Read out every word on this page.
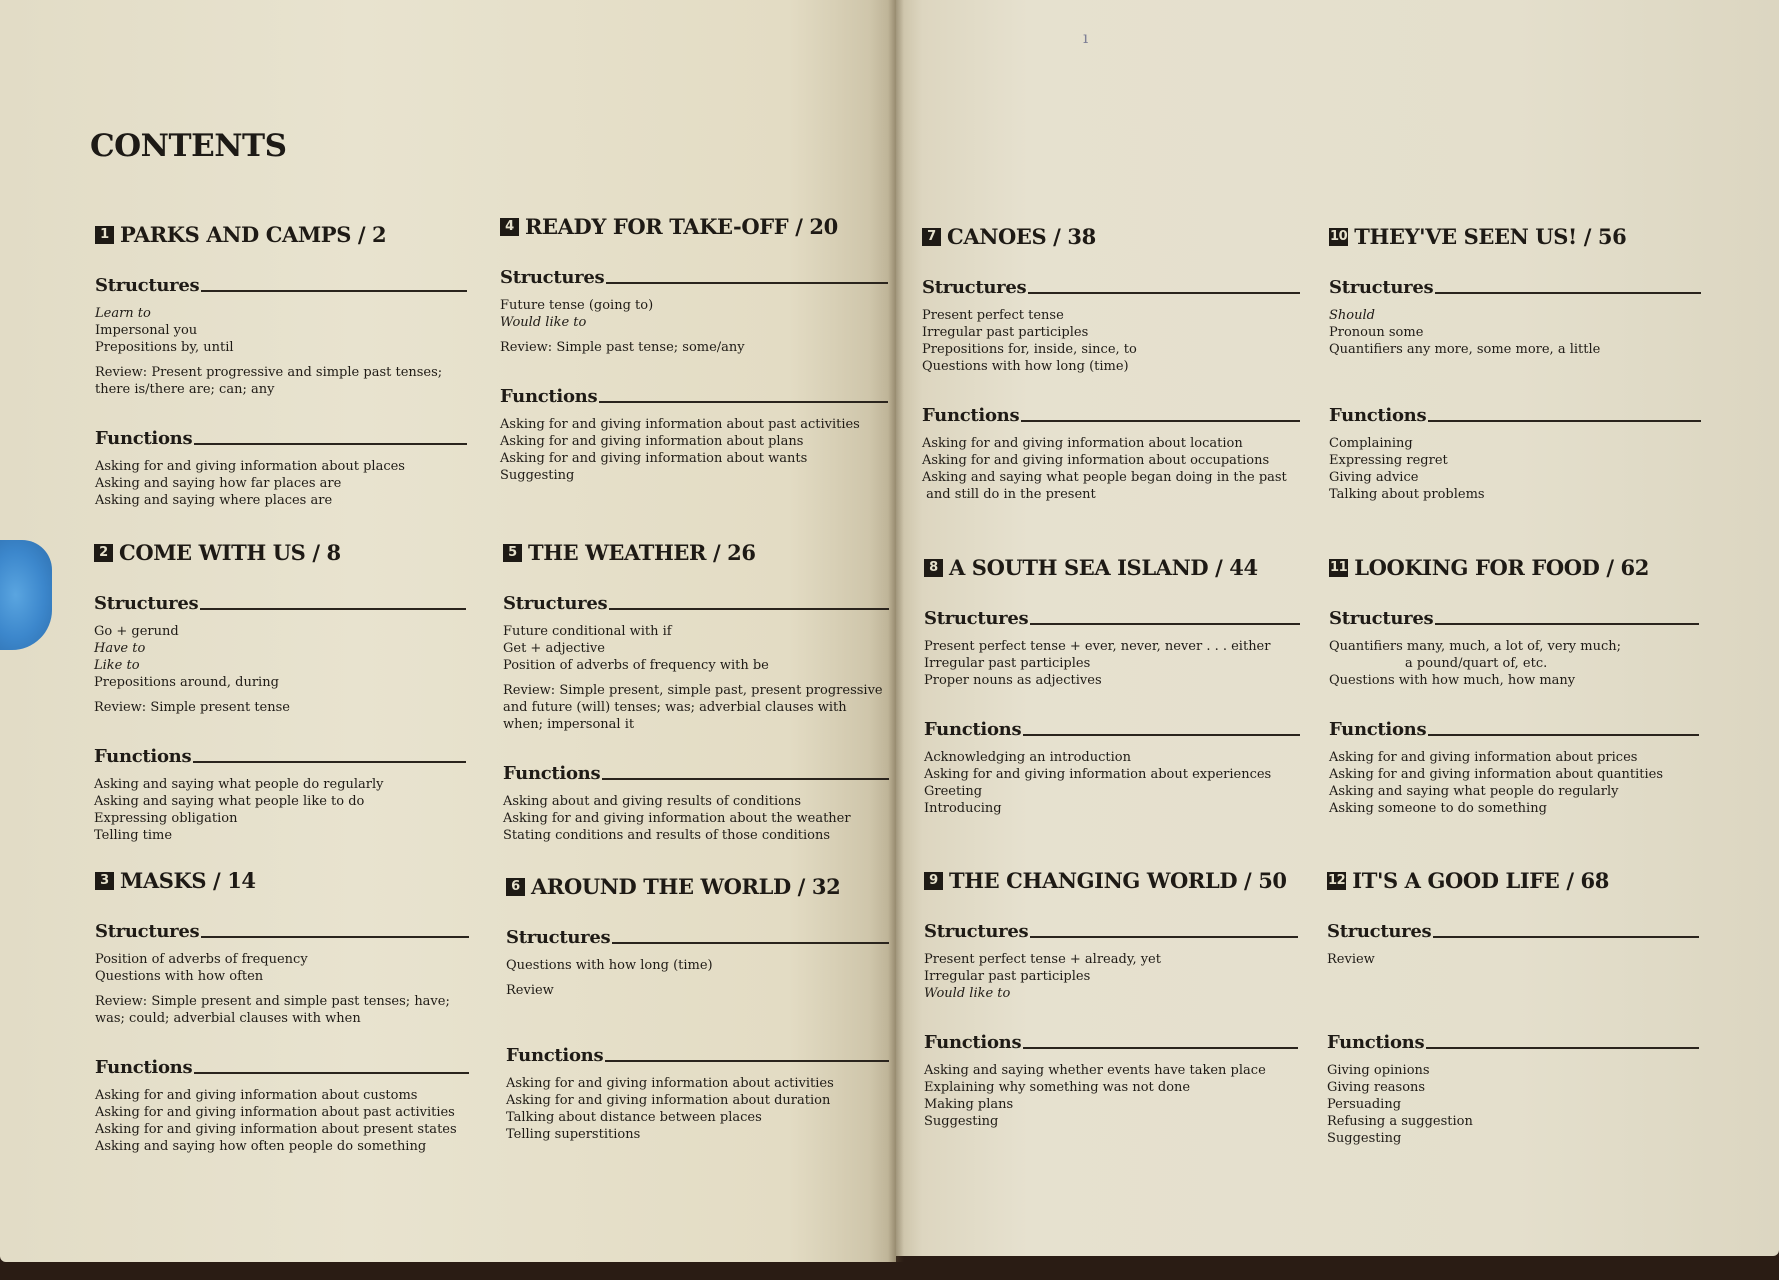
ı
CONTENTS
1 PARKS AND CAMPS / 2
Structures
Learn to
Impersonal you
Prepositions by, until
Review: Present progressive and simple past tenses; there is/there are; can; any
Functions
Asking for and giving information about places
Asking and saying how far places are
Asking and saying where places are
2 COME WITH US / 8
Structures
Go + gerund
Have to
Like to
Prepositions around, during
Review: Simple present tense
Functions
Asking and saying what people do regularly
Asking and saying what people like to do
Expressing obligation
Telling time
3 MASKS / 14
Structures
Position of adverbs of frequency
Questions with how often
Review: Simple present and simple past tenses; have; was; could; adverbial clauses with when
Functions
Asking for and giving information about customs
Asking for and giving information about past activities
Asking for and giving information about present states
Asking and saying how often people do something
4 READY FOR TAKE-OFF / 20
Structures
Future tense (going to)
Would like to
Review: Simple past tense; some/any
Functions
Asking for and giving information about past activities
Asking for and giving information about plans
Asking for and giving information about wants
Suggesting
5 THE WEATHER / 26
Structures
Future conditional with if
Get + adjective
Position of adverbs of frequency with be
Review: Simple present, simple past, present progressive and future (will) tenses; was; adverbial clauses with when; impersonal it
Functions
Asking about and giving results of conditions
Asking for and giving information about the weather
Stating conditions and results of those conditions
6 AROUND THE WORLD / 32
Structures
Questions with how long (time)
Review
Functions
Asking for and giving information about activities
Asking for and giving information about duration
Talking about distance between places
Telling superstitions
7 CANOES / 38
Structures
Present perfect tense
Irregular past participles
Prepositions for, inside, since, to
Questions with how long (time)
Functions
Asking for and giving information about location
Asking for and giving information about occupations
Asking and saying what people began doing in the past
and still do in the present
8 A SOUTH SEA ISLAND / 44
Structures
Present perfect tense + ever, never, never . . . either
Irregular past participles
Proper nouns as adjectives
Functions
Acknowledging an introduction
Asking for and giving information about experiences
Greeting
Introducing
9 THE CHANGING WORLD / 50
Structures
Present perfect tense + already, yet
Irregular past participles
Would like to
Functions
Asking and saying whether events have taken place
Explaining why something was not done
Making plans
Suggesting
10 THEY'VE SEEN US! / 56
Structures
Should
Pronoun some
Quantifiers any more, some more, a little
Functions
Complaining
Expressing regret
Giving advice
Talking about problems
11 LOOKING FOR FOOD / 62
Structures
Quantifiers many, much, a lot of, very much;
a pound/quart of, etc.
Questions with how much, how many
Functions
Asking for and giving information about prices
Asking for and giving information about quantities
Asking and saying what people do regularly
Asking someone to do something
12 IT'S A GOOD LIFE / 68
Structures
Review
Functions
Giving opinions
Giving reasons
Persuading
Refusing a suggestion
Suggesting
